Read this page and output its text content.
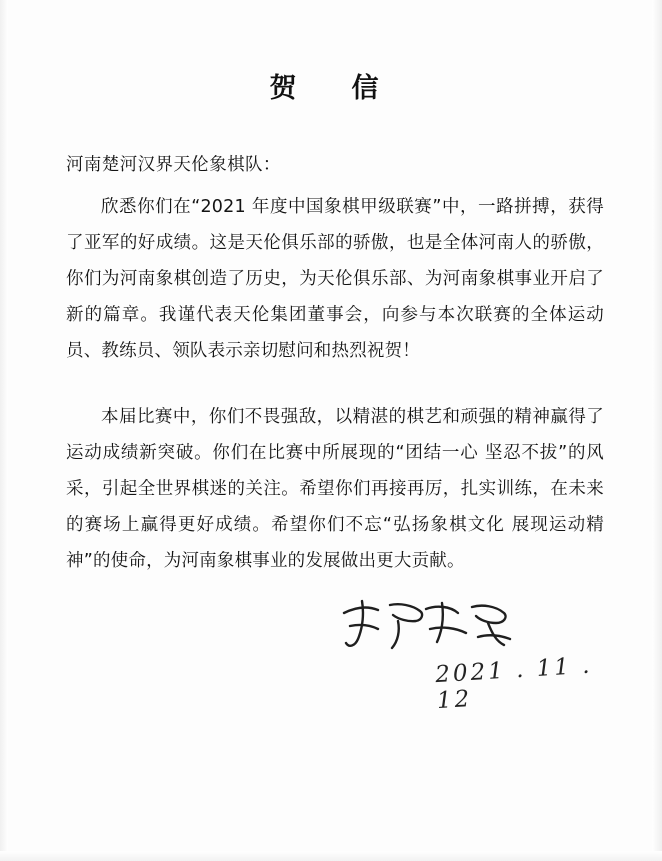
贺　信
河南楚河汉界天伦象棋队：

欣悉你们在“2021 年度中国象棋甲级联赛”中，一路拼搏，获得了亚军的好成绩。这是天伦俱乐部的骄傲，也是全体河南人的骄傲，你们为河南象棋创造了历史，为天伦俱乐部、为河南象棋事业开启了新的篇章。我谨代表天伦集团董事会，向参与本次联赛的全体运动员、教练员、领队表示亲切慰问和热烈祝贺！

本届比赛中，你们不畏强敌，以精湛的棋艺和顽强的精神赢得了运动成绩新突破。你们在比赛中所展现的“团结一心 坚忍不拔”的风采，引起全世界棋迷的关注。希望你们再接再厉，扎实训练，在未来的赛场上赢得更好成绩。希望你们不忘“弘扬象棋文化 展现运动精神”的使命，为河南象棋事业的发展做出更大贡献。

2021 . 11 . 12
